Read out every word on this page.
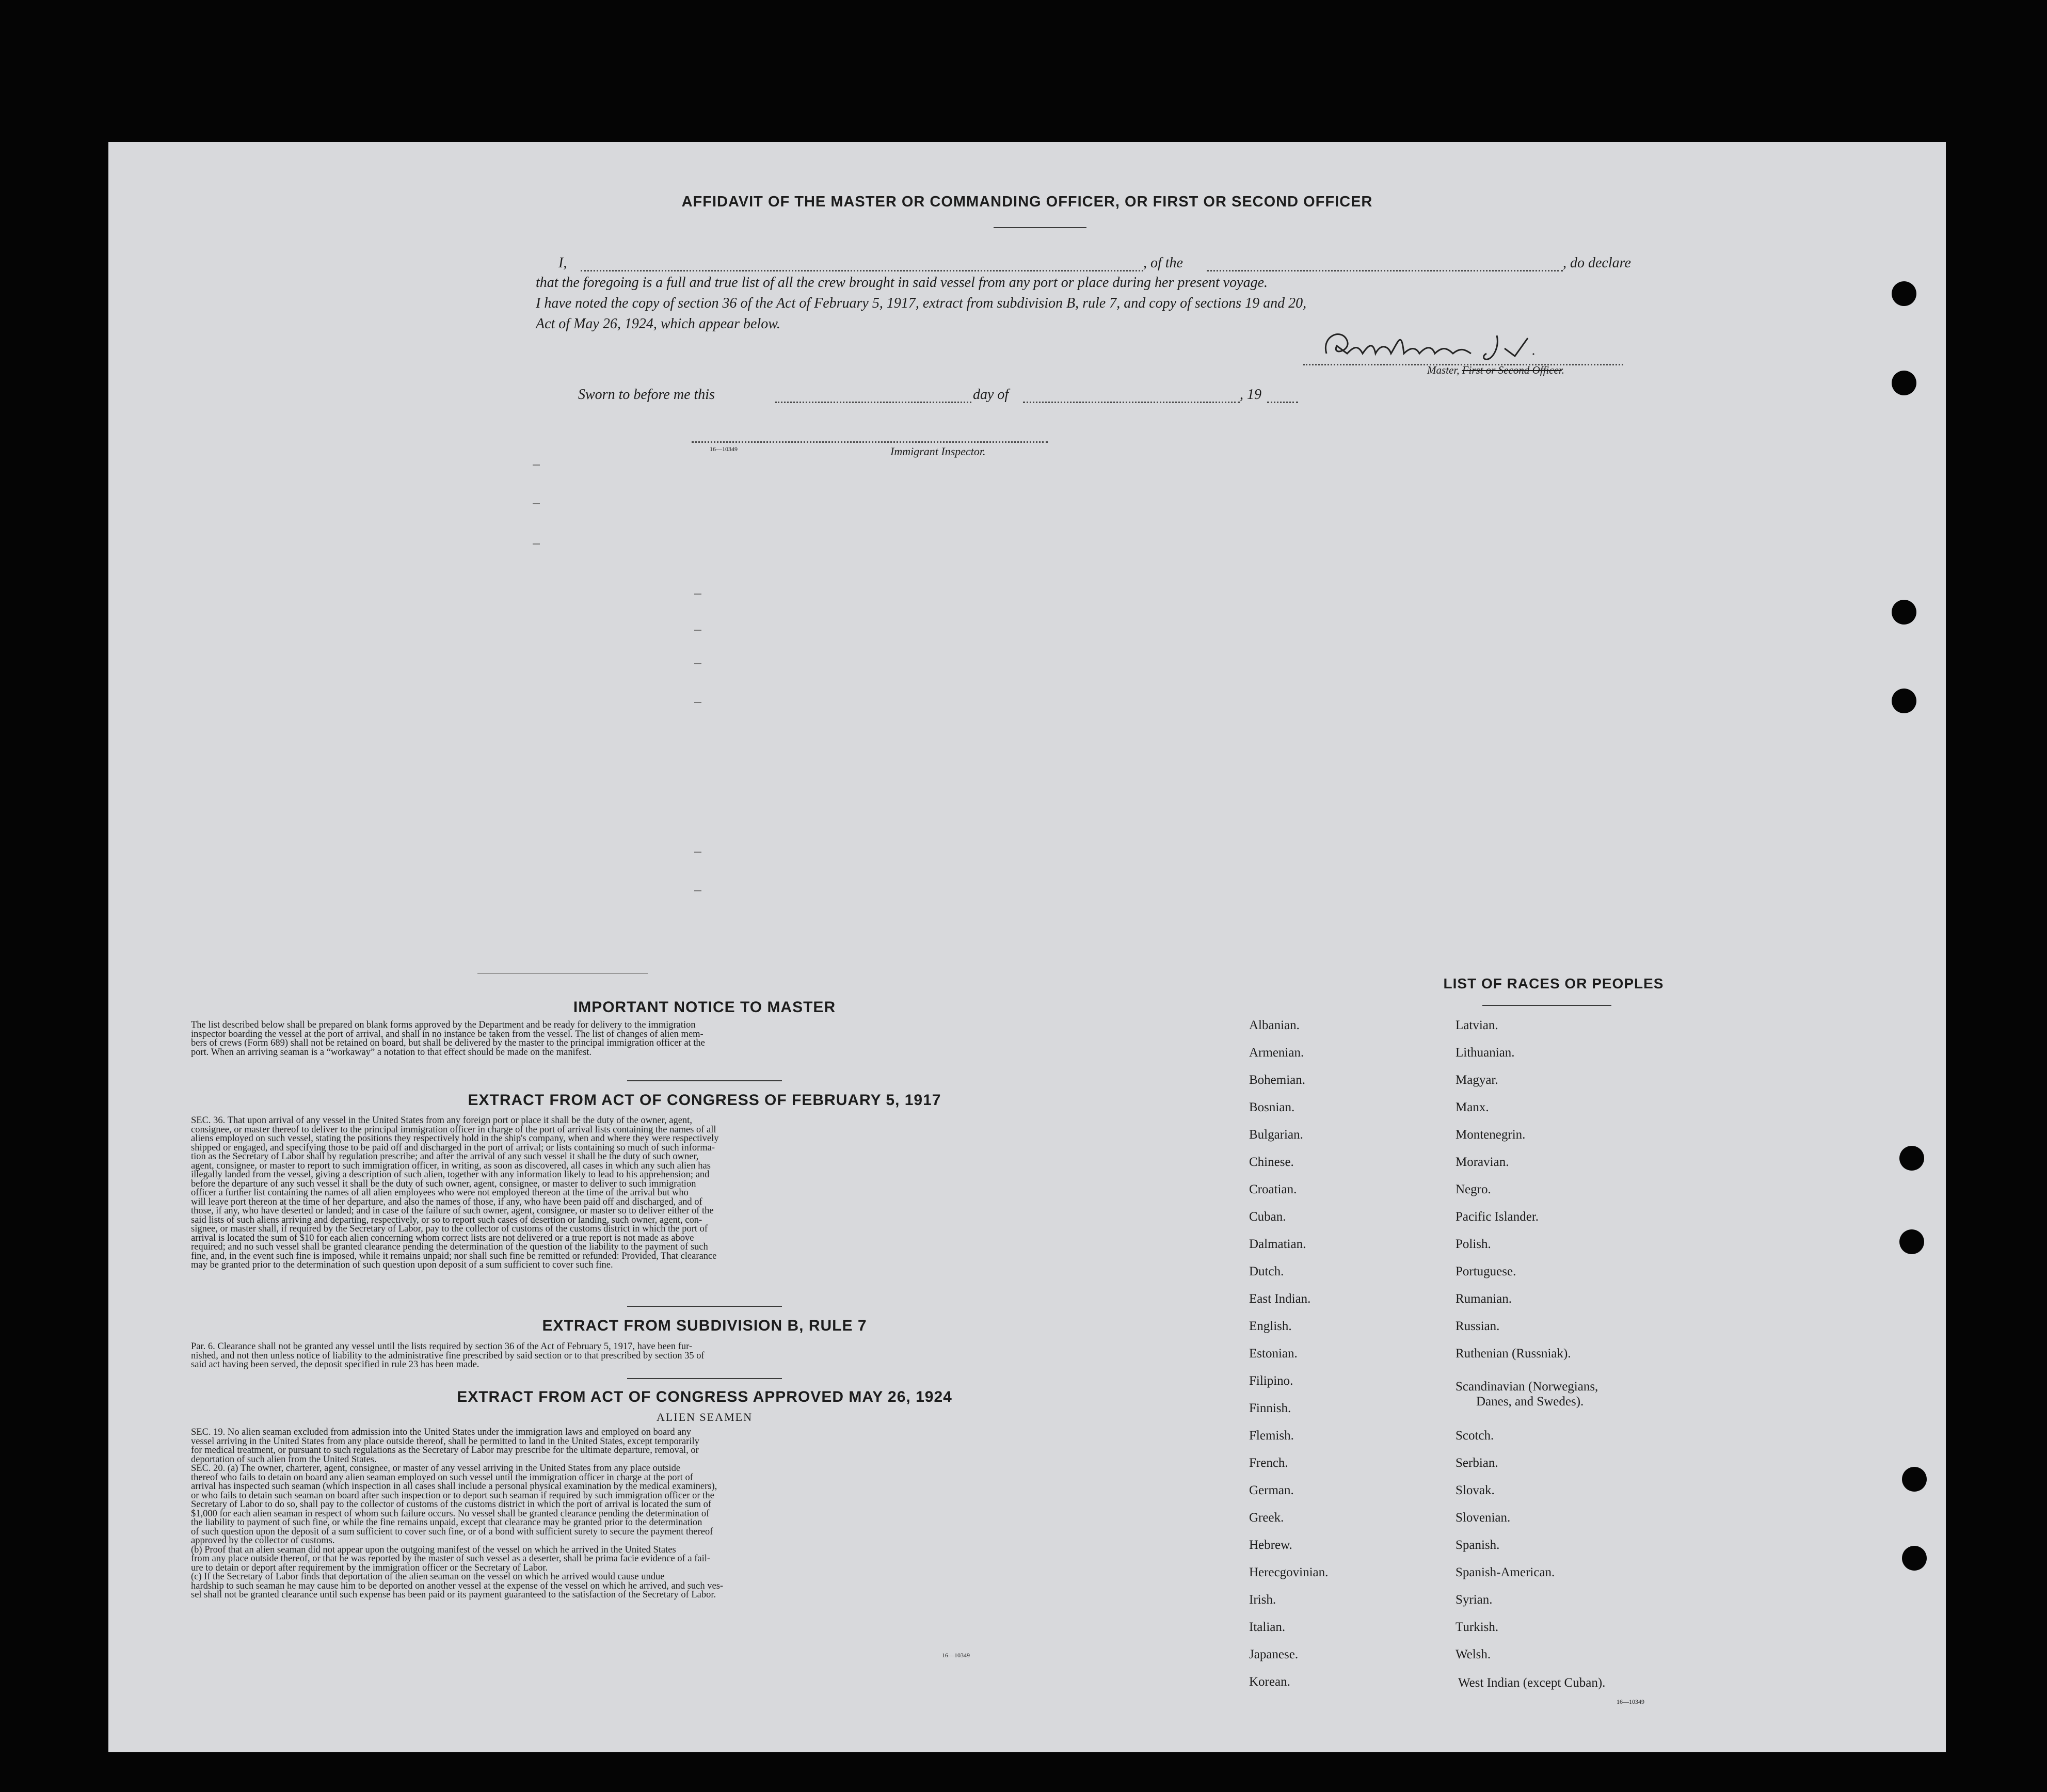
AFFIDAVIT OF THE MASTER OR COMMANDING OFFICER, OR FIRST OR SECOND OFFICER
I,	, of the	, do declare
that the foregoing is a full and true list of all the crew brought in said vessel from any port or place during her present voyage.
I have noted the copy of section 36 of the Act of February 5, 1917, extract from subdivision B, rule 7, and copy of sections 19 and 20,
Act of May 26, 1924, which appear below.
Master, First or Second Officer.
Sworn to before me this	day of	, 19
16—10349	Immigrant Inspector.
IMPORTANT NOTICE TO MASTER
The list described below shall be prepared on blank forms approved by the Department and be ready for delivery to the immigration
inspector boarding the vessel at the port of arrival, and shall in no instance be taken from the vessel. The list of changes of alien mem-
bers of crews (Form 689) shall not be retained on board, but shall be delivered by the master to the principal immigration officer at the
port. When an arriving seaman is a “workaway” a notation to that effect should be made on the manifest.
EXTRACT FROM ACT OF CONGRESS OF FEBRUARY 5, 1917
SEC. 36. That upon arrival of any vessel in the United States from any foreign port or place it shall be the duty of the owner, agent,
consignee, or master thereof to deliver to the principal immigration officer in charge of the port of arrival lists containing the names of all
aliens employed on such vessel, stating the positions they respectively hold in the ship's company, when and where they were respectively
shipped or engaged, and specifying those to be paid off and discharged in the port of arrival; or lists containing so much of such informa-
tion as the Secretary of Labor shall by regulation prescribe; and after the arrival of any such vessel it shall be the duty of such owner,
agent, consignee, or master to report to such immigration officer, in writing, as soon as discovered, all cases in which any such alien has
illegally landed from the vessel, giving a description of such alien, together with any information likely to lead to his apprehension; and
before the departure of any such vessel it shall be the duty of such owner, agent, consignee, or master to deliver to such immigration
officer a further list containing the names of all alien employees who were not employed thereon at the time of the arrival but who
will leave port thereon at the time of her departure, and also the names of those, if any, who have been paid off and discharged, and of
those, if any, who have deserted or landed; and in case of the failure of such owner, agent, consignee, or master so to deliver either of the
said lists of such aliens arriving and departing, respectively, or so to report such cases of desertion or landing, such owner, agent, con-
signee, or master shall, if required by the Secretary of Labor, pay to the collector of customs of the customs district in which the port of
arrival is located the sum of $10 for each alien concerning whom correct lists are not delivered or a true report is not made as above
required; and no such vessel shall be granted clearance pending the determination of the question of the liability to the payment of such
fine, and, in the event such fine is imposed, while it remains unpaid; nor shall such fine be remitted or refunded: Provided, That clearance
may be granted prior to the determination of such question upon deposit of a sum sufficient to cover such fine.
EXTRACT FROM SUBDIVISION B, RULE 7
Par. 6. Clearance shall not be granted any vessel until the lists required by section 36 of the Act of February 5, 1917, have been fur-
nished, and not then unless notice of liability to the administrative fine prescribed by said section or to that prescribed by section 35 of
said act having been served, the deposit specified in rule 23 has been made.
EXTRACT FROM ACT OF CONGRESS APPROVED MAY 26, 1924
ALIEN SEAMEN
SEC. 19. No alien seaman excluded from admission into the United States under the immigration laws and employed on board any
vessel arriving in the United States from any place outside thereof, shall be permitted to land in the United States, except temporarily
for medical treatment, or pursuant to such regulations as the Secretary of Labor may prescribe for the ultimate departure, removal, or
deportation of such alien from the United States.
SEC. 20. (a) The owner, charterer, agent, consignee, or master of any vessel arriving in the United States from any place outside
thereof who fails to detain on board any alien seaman employed on such vessel until the immigration officer in charge at the port of
arrival has inspected such seaman (which inspection in all cases shall include a personal physical examination by the medical examiners),
or who fails to detain such seaman on board after such inspection or to deport such seaman if required by such immigration officer or the
Secretary of Labor to do so, shall pay to the collector of customs of the customs district in which the port of arrival is located the sum of
$1,000 for each alien seaman in respect of whom such failure occurs. No vessel shall be granted clearance pending the determination of
the liability to payment of such fine, or while the fine remains unpaid, except that clearance may be granted prior to the determination
of such question upon the deposit of a sum sufficient to cover such fine, or of a bond with sufficient surety to secure the payment thereof
approved by the collector of customs.
(b) Proof that an alien seaman did not appear upon the outgoing manifest of the vessel on which he arrived in the United States
from any place outside thereof, or that he was reported by the master of such vessel as a deserter, shall be prima facie evidence of a fail-
ure to detain or deport after requirement by the immigration officer or the Secretary of Labor.
(c) If the Secretary of Labor finds that deportation of the alien seaman on the vessel on which he arrived would cause undue
hardship to such seaman he may cause him to be deported on another vessel at the expense of the vessel on which he arrived, and such ves-
sel shall not be granted clearance until such expense has been paid or its payment guaranteed to the satisfaction of the Secretary of Labor.
16—10349
LIST OF RACES OR PEOPLES
Albanian.
Armenian.
Bohemian.
Bosnian.
Bulgarian.
Chinese.
Croatian.
Cuban.
Dalmatian.
Dutch.
East Indian.
English.
Estonian.
Filipino.
Finnish.
Flemish.
French.
German.
Greek.
Hebrew.
Herecgovinian.
Irish.
Italian.
Japanese.
Korean.
Latvian.
Lithuanian.
Magyar.
Manx.
Montenegrin.
Moravian.
Negro.
Pacific Islander.
Polish.
Portuguese.
Rumanian.
Russian.
Ruthenian (Russniak).
Scandinavian (Norwegians,
Danes, and Swedes).
Scotch.
Serbian.
Slovak.
Slovenian.
Spanish.
Spanish-American.
Syrian.
Turkish.
Welsh.
West Indian (except Cuban).
16—10349
